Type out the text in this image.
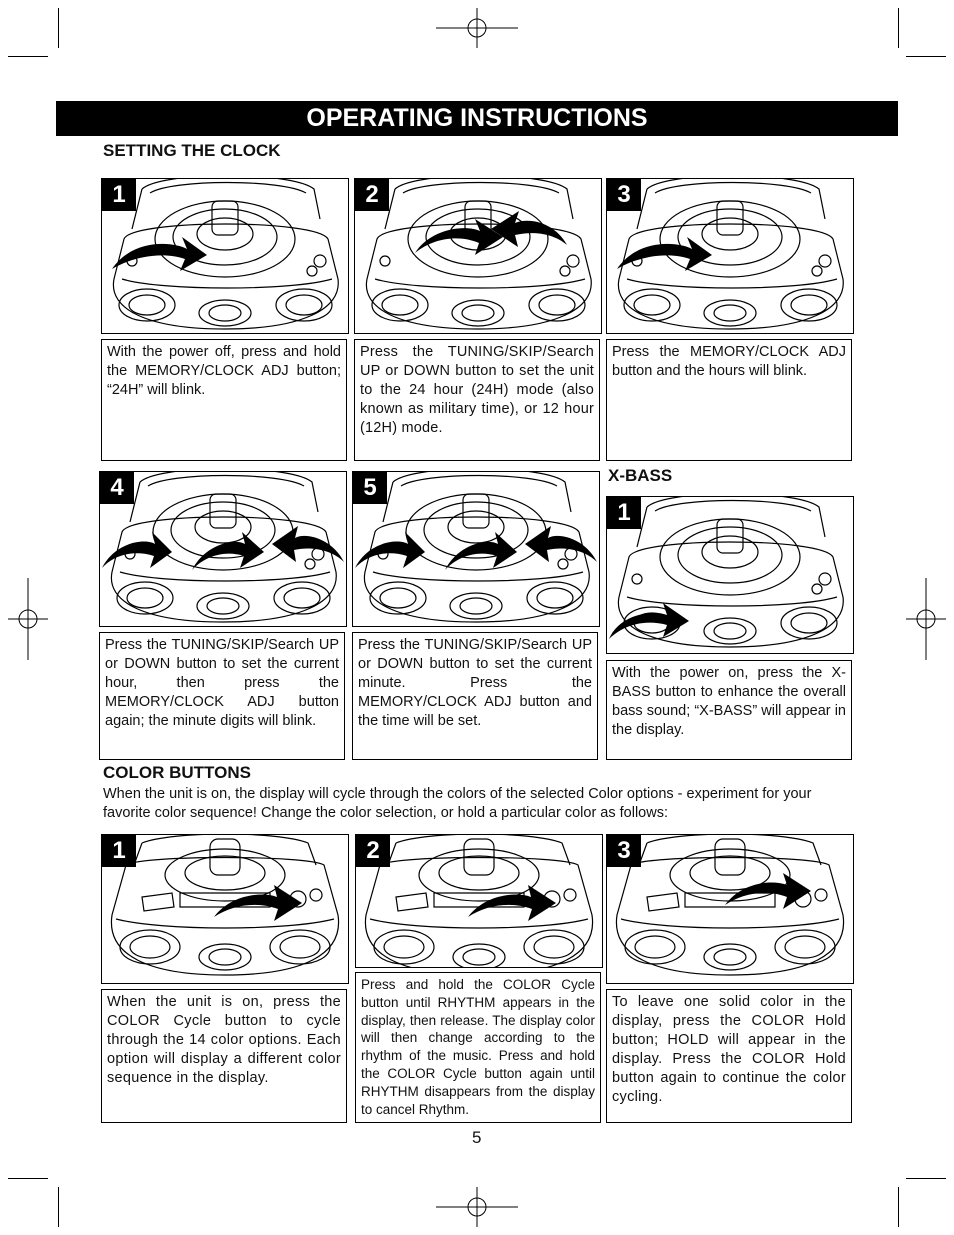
OPERATING INSTRUCTIONS
SETTING THE CLOCK
1	2	3
With the power off, press and hold the MEMORY/CLOCK ADJ button; “24H” will blink.
Press the TUNING/SKIP/Search UP or DOWN button to set the unit to the 24 hour (24H) mode (also known as military time), or 12 hour (12H) mode.
Press the MEMORY/CLOCK ADJ button and the hours will blink.
4	5	X-BASS
1
Press the TUNING/SKIP/Search UP or DOWN button to set the current hour, then press the MEMORY/CLOCK ADJ button again; the minute digits will blink.
Press the TUNING/SKIP/Search UP or DOWN button to set the current minute. Press the MEMORY/CLOCK ADJ button and the time will be set.
With the power on, press the X-BASS button to enhance the overall bass sound; “X-BASS” will appear in the display.
COLOR BUTTONS
When the unit is on, the display will cycle through the colors of the selected Color options - experiment for your favorite color sequence! Change the color selection, or hold a particular color as follows:
1	2	3
When the unit is on, press the COLOR Cycle button to cycle through the 14 color options. Each option will display a different color sequence in the display.
Press and hold the COLOR Cycle button until RHYTHM appears in the display, then release. The display color will then change according to the rhythm of the music. Press and hold the COLOR Cycle button again until RHYTHM disappears from the display to cancel Rhythm.
To leave one solid color in the display, press the COLOR Hold button; HOLD will appear in the display. Press the COLOR Hold button again to continue the color cycling.
5
